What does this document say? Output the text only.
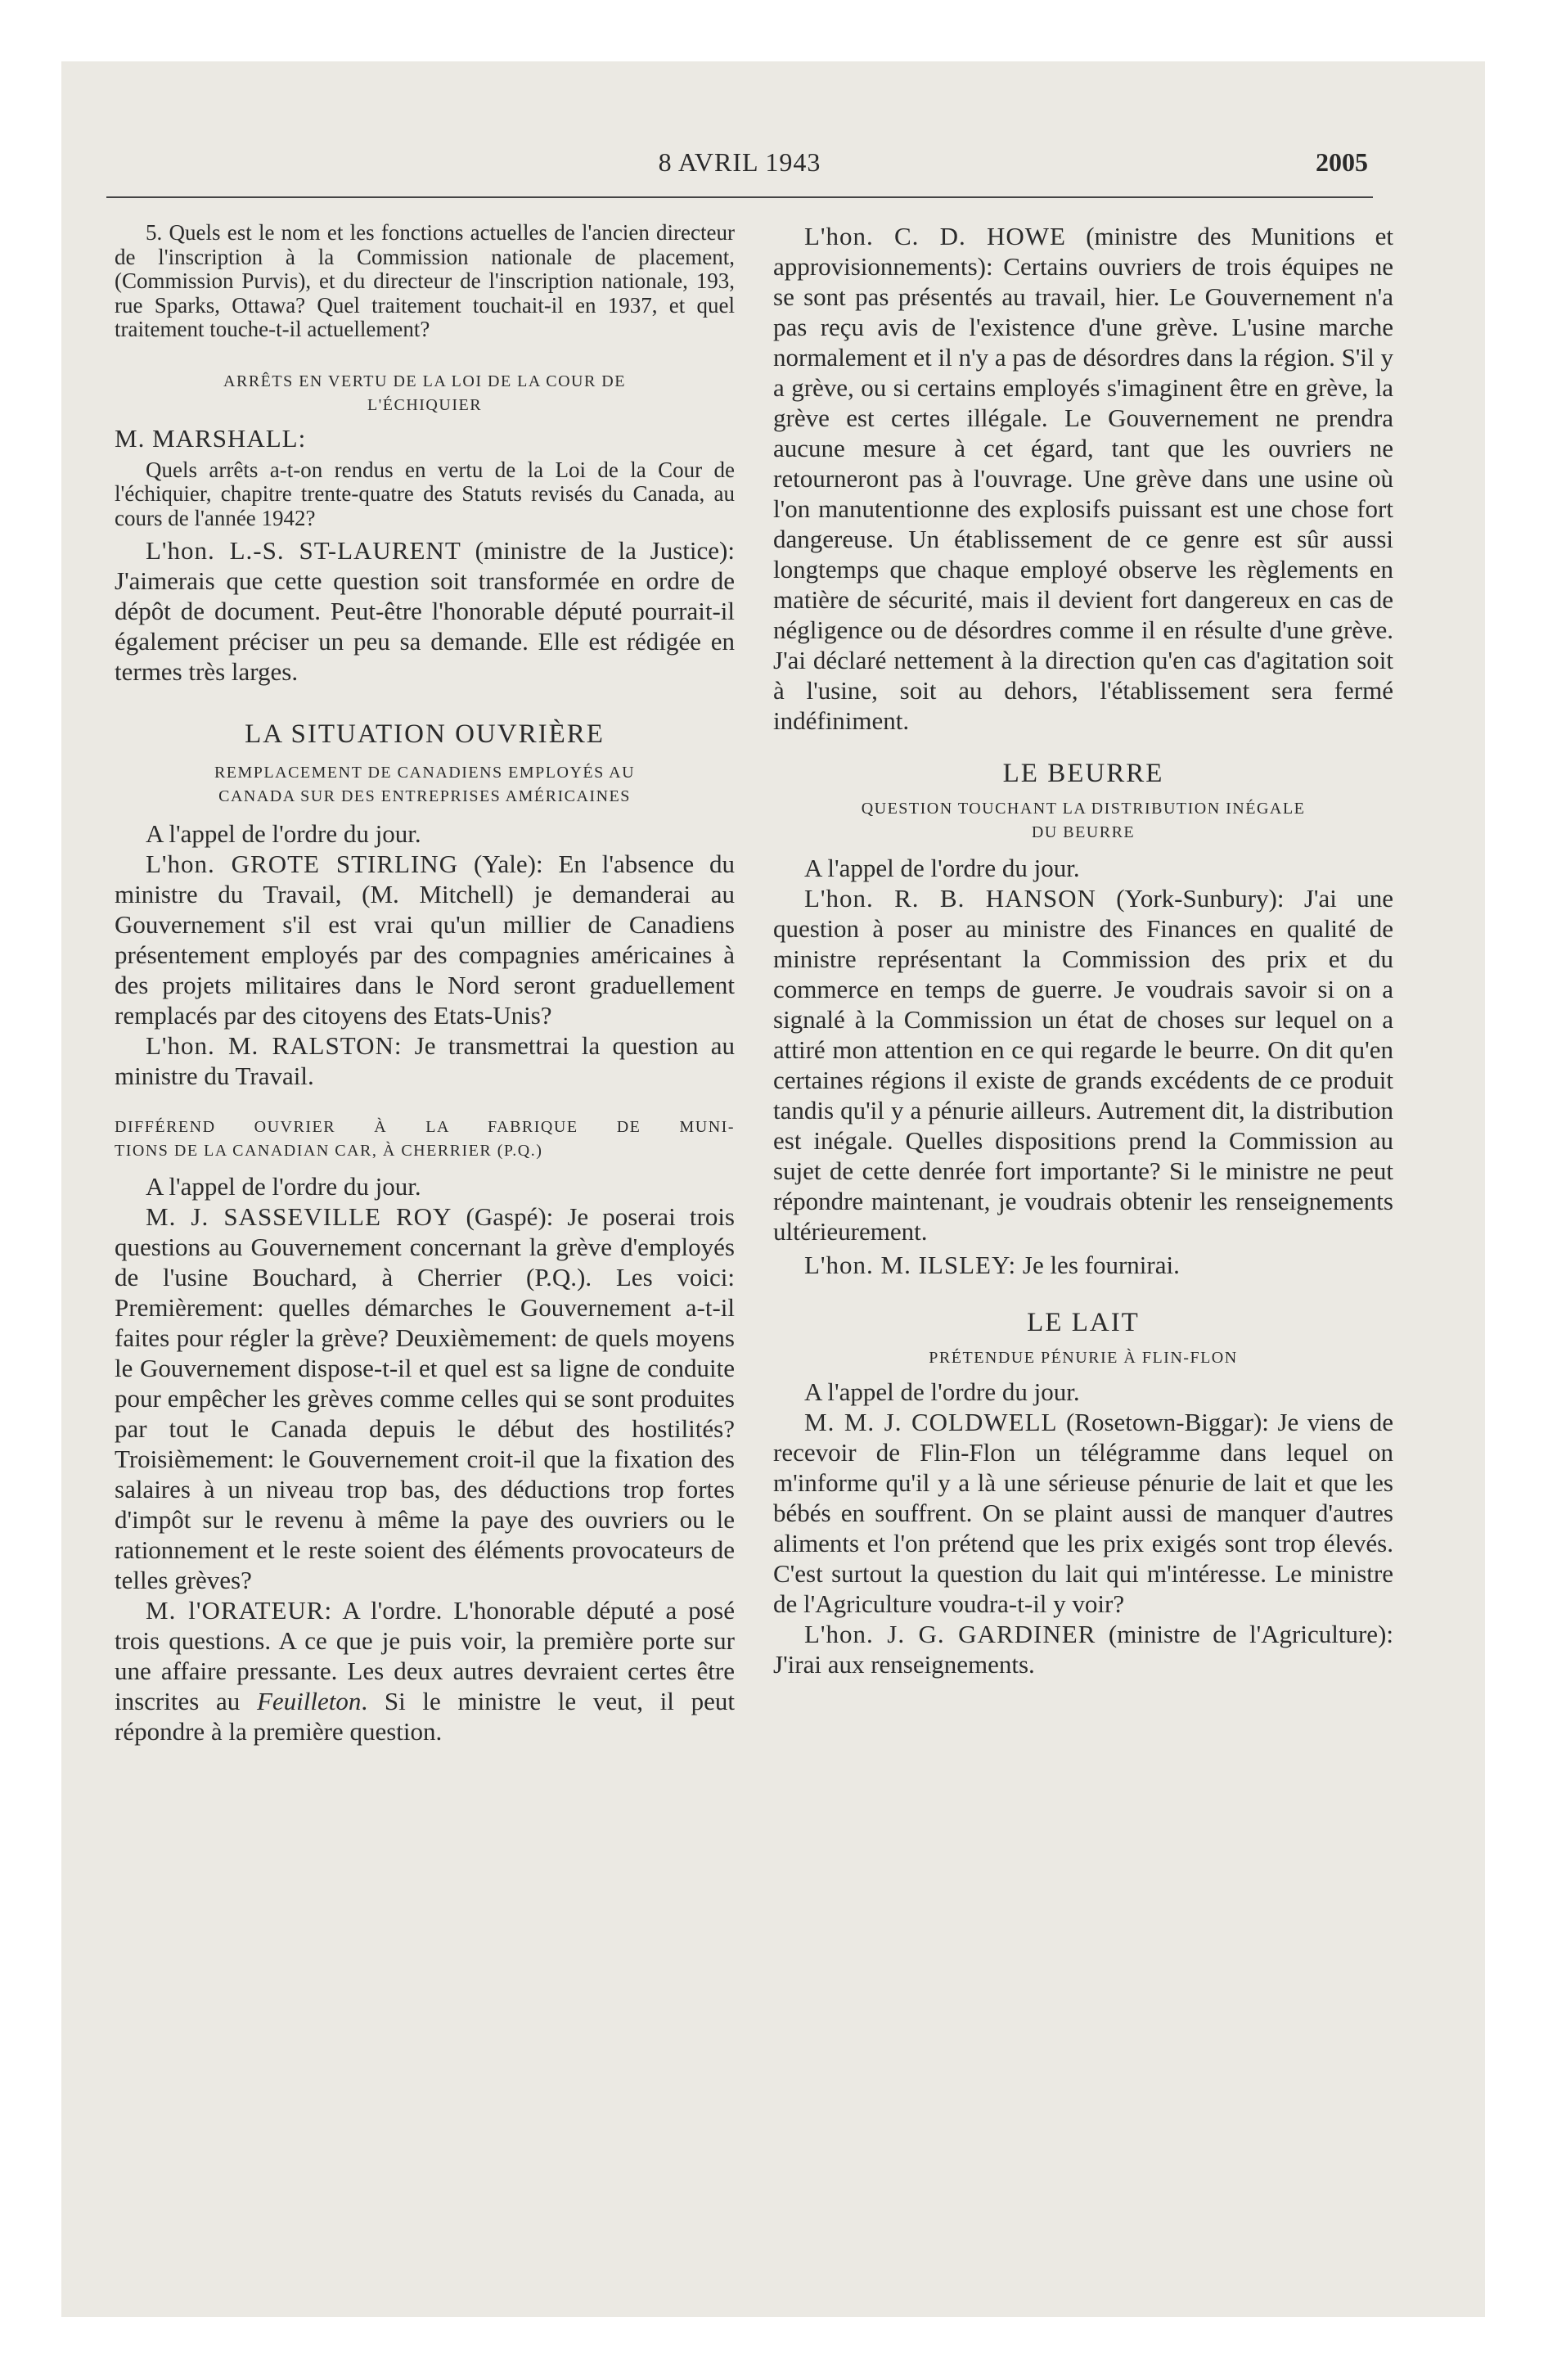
8 AVRIL 1943	2005

5. Quels est le nom et les fonctions actuelles de l'ancien directeur de l'inscription à la Commission nationale de placement, (Commission Purvis), et du directeur de l'inscription nationale, 193, rue Sparks, Ottawa? Quel traitement touchait-il en 1937, et quel traitement touche-t-il actuellement?

ARRÊTS EN VERTU DE LA LOI DE LA COUR DE
L'ÉCHIQUIER

M. MARSHALL:

Quels arrêts a-t-on rendus en vertu de la Loi de la Cour de l'échiquier, chapitre trente-quatre des Statuts revisés du Canada, au cours de l'année 1942?

L'hon. L.-S. ST-LAURENT (ministre de la Justice): J'aimerais que cette question soit transformée en ordre de dépôt de document. Peut-être l'honorable député pourrait-il également préciser un peu sa demande. Elle est rédigée en termes très larges.

LA SITUATION OUVRIÈRE
REMPLACEMENT DE CANADIENS EMPLOYÉS AU
CANADA SUR DES ENTREPRISES AMÉRICAINES

A l'appel de l'ordre du jour.

L'hon. GROTE STIRLING (Yale): En l'absence du ministre du Travail, (M. Mitchell) je demanderai au Gouvernement s'il est vrai qu'un millier de Canadiens présentement employés par des compagnies américaines à des projets militaires dans le Nord seront graduellement remplacés par des citoyens des Etats-Unis?

L'hon. M. RALSTON: Je transmettrai la question au ministre du Travail.

DIFFÉREND OUVRIER À LA FABRIQUE DE MUNI-
TIONS DE LA CANADIAN CAR, À CHERRIER (P.Q.)

A l'appel de l'ordre du jour.

M. J. SASSEVILLE ROY (Gaspé): Je poserai trois questions au Gouvernement concernant la grève d'employés de l'usine Bouchard, à Cherrier (P.Q.). Les voici: Premièrement: quelles démarches le Gouvernement a-t-il faites pour régler la grève? Deuxièmement: de quels moyens le Gouvernement dispose-t-il et quel est sa ligne de conduite pour empêcher les grèves comme celles qui se sont produites par tout le Canada depuis le début des hostilités? Troisièmement: le Gouvernement croit-il que la fixation des salaires à un niveau trop bas, des déductions trop fortes d'impôt sur le revenu à même la paye des ouvriers ou le rationnement et le reste soient des éléments provocateurs de telles grèves?

M. l'ORATEUR: A l'ordre. L'honorable député a posé trois questions. A ce que je puis voir, la première porte sur une affaire pressante. Les deux autres devraient certes être inscrites au Feuilleton. Si le ministre le veut, il peut répondre à la première question.

L'hon. C. D. HOWE (ministre des Munitions et approvisionnements): Certains ouvriers de trois équipes ne se sont pas présentés au travail, hier. Le Gouvernement n'a pas reçu avis de l'existence d'une grève. L'usine marche normalement et il n'y a pas de désordres dans la région. S'il y a grève, ou si certains employés s'imaginent être en grève, la grève est certes illégale. Le Gouvernement ne prendra aucune mesure à cet égard, tant que les ouvriers ne retourneront pas à l'ouvrage. Une grève dans une usine où l'on manutentionne des explosifs puissant est une chose fort dangereuse. Un établissement de ce genre est sûr aussi longtemps que chaque employé observe les règlements en matière de sécurité, mais il devient fort dangereux en cas de négligence ou de désordres comme il en résulte d'une grève. J'ai déclaré nettement à la direction qu'en cas d'agitation soit à l'usine, soit au dehors, l'établissement sera fermé indéfiniment.

LE BEURRE
QUESTION TOUCHANT LA DISTRIBUTION INÉGALE
DU BEURRE

A l'appel de l'ordre du jour.

L'hon. R. B. HANSON (York-Sunbury): J'ai une question à poser au ministre des Finances en qualité de ministre représentant la Commission des prix et du commerce en temps de guerre. Je voudrais savoir si on a signalé à la Commission un état de choses sur lequel on a attiré mon attention en ce qui regarde le beurre. On dit qu'en certaines régions il existe de grands excédents de ce produit tandis qu'il y a pénurie ailleurs. Autrement dit, la distribution est inégale. Quelles dispositions prend la Commission au sujet de cette denrée fort importante? Si le ministre ne peut répondre maintenant, je voudrais obtenir les renseignements ultérieurement.

L'hon. M. ILSLEY: Je les fournirai.

LE LAIT
PRÉTENDUE PÉNURIE À FLIN-FLON

A l'appel de l'ordre du jour.

M. M. J. COLDWELL (Rosetown-Biggar): Je viens de recevoir de Flin-Flon un télégramme dans lequel on m'informe qu'il y a là une sérieuse pénurie de lait et que les bébés en souffrent. On se plaint aussi de manquer d'autres aliments et l'on prétend que les prix exigés sont trop élevés. C'est surtout la question du lait qui m'intéresse. Le ministre de l'Agriculture voudra-t-il y voir?

L'hon. J. G. GARDINER (ministre de l'Agriculture): J'irai aux renseignements.
